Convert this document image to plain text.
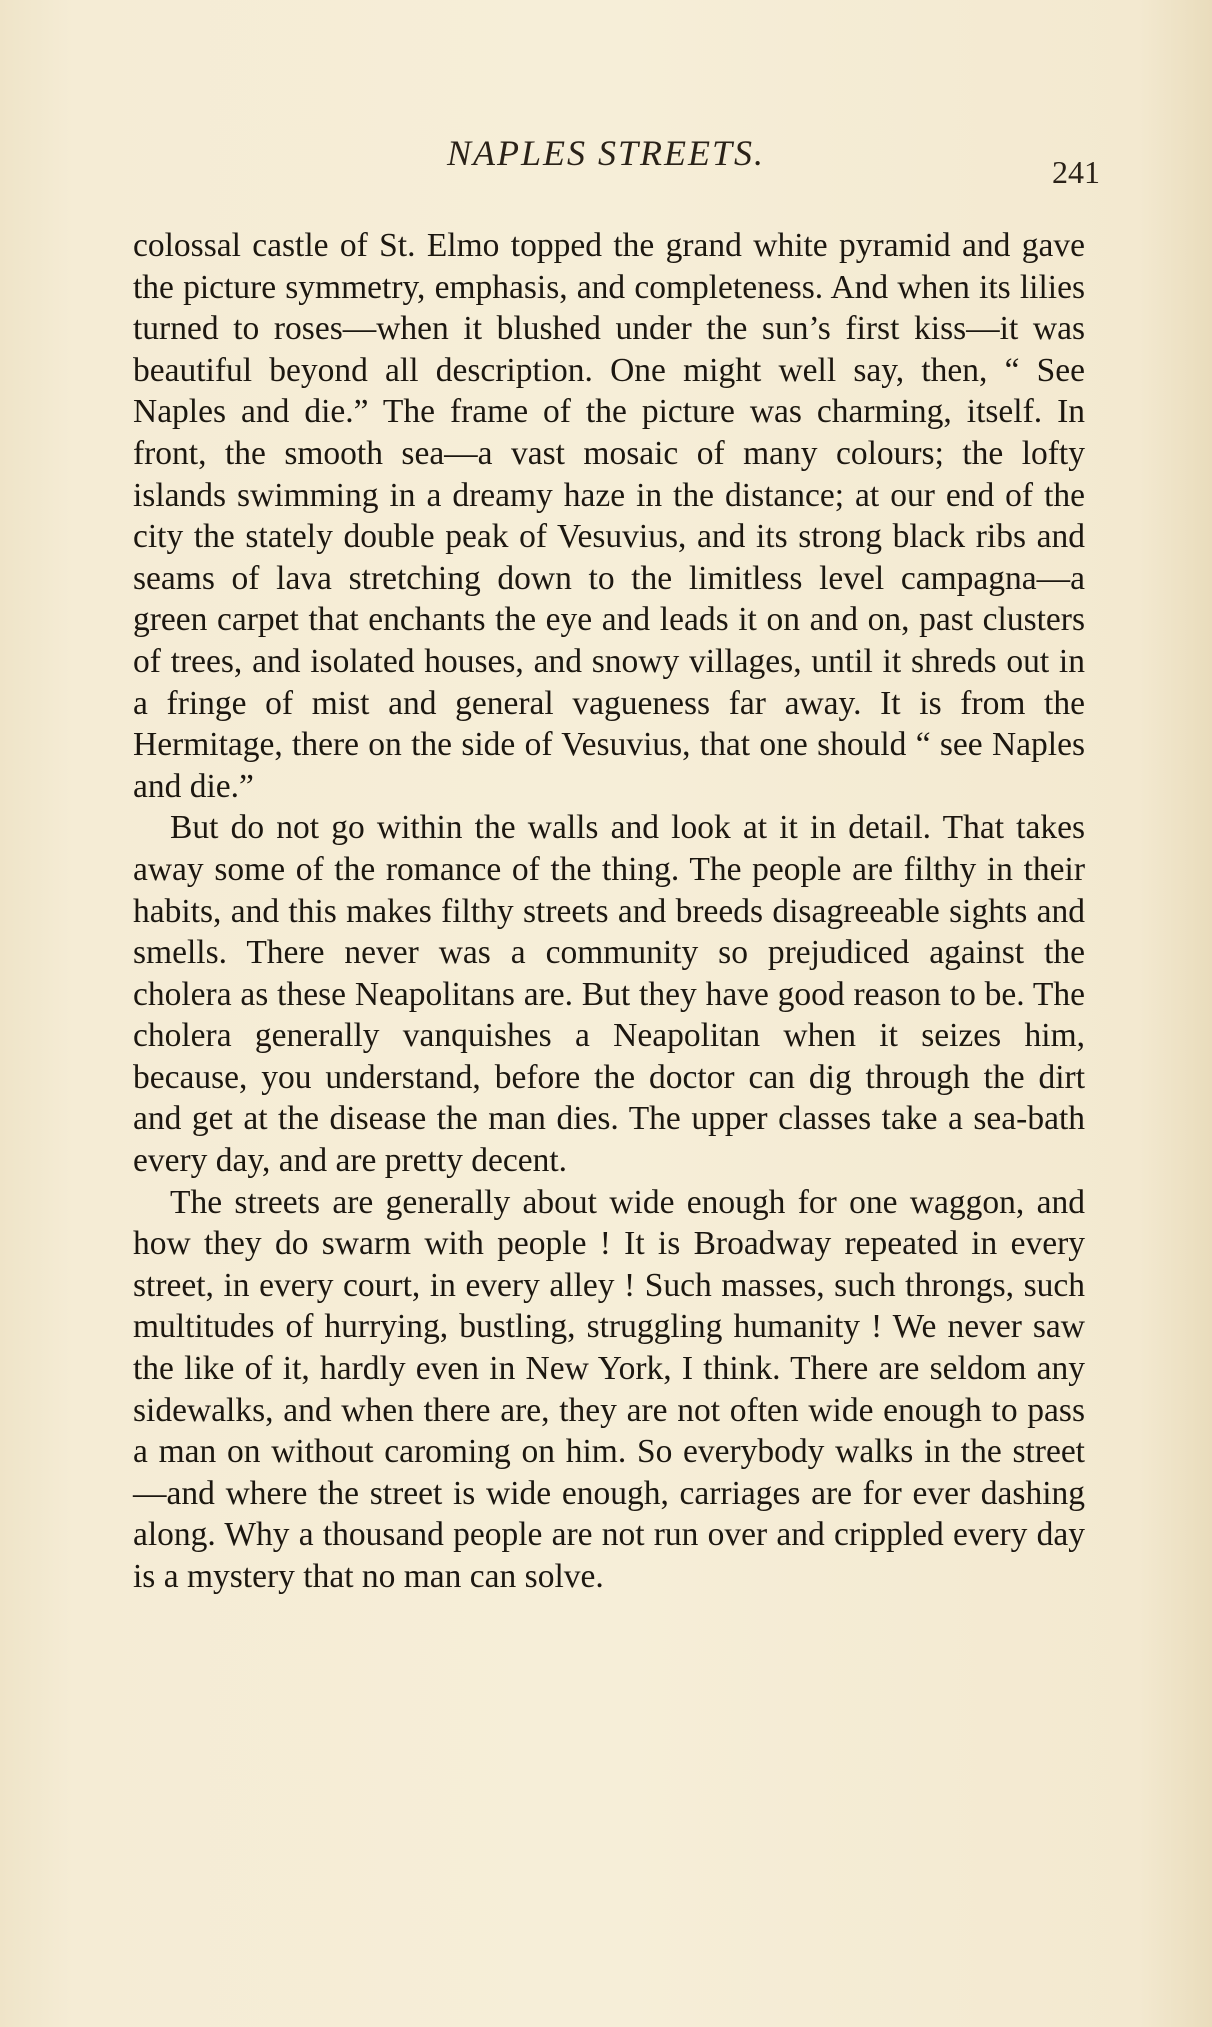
NAPLES STREETS.	241

colossal castle of St. Elmo topped the grand white pyramid and gave the picture symmetry, emphasis, and completeness. And when its lilies turned to roses—when it blushed under the sun’s first kiss—it was beautiful beyond all description. One might well say, then, “ See Naples and die.” The frame of the picture was charming, itself. In front, the smooth sea—a vast mosaic of many colours; the lofty islands swimming in a dreamy haze in the distance; at our end of the city the stately double peak of Vesuvius, and its strong black ribs and seams of lava stretching down to the limitless level campagna—a green carpet that enchants the eye and leads it on and on, past clusters of trees, and isolated houses, and snowy villages, until it shreds out in a fringe of mist and general vagueness far away. It is from the Hermitage, there on the side of Vesuvius, that one should “ see Naples and die.”

But do not go within the walls and look at it in detail. That takes away some of the romance of the thing. The people are filthy in their habits, and this makes filthy streets and breeds disagreeable sights and smells. There never was a community so prejudiced against the cholera as these Neapolitans are. But they have good reason to be. The cholera generally vanquishes a Neapolitan when it seizes him, because, you understand, before the doctor can dig through the dirt and get at the disease the man dies. The upper classes take a sea-bath every day, and are pretty decent.

The streets are generally about wide enough for one waggon, and how they do swarm with people ! It is Broadway repeated in every street, in every court, in every alley ! Such masses, such throngs, such multitudes of hurrying, bustling, struggling humanity ! We never saw the like of it, hardly even in New York, I think. There are seldom any sidewalks, and when there are, they are not often wide enough to pass a man on without caroming on him. So everybody walks in the street—and where the street is wide enough, carriages are for ever dashing along. Why a thousand people are not run over and crippled every day is a mystery that no man can solve.
